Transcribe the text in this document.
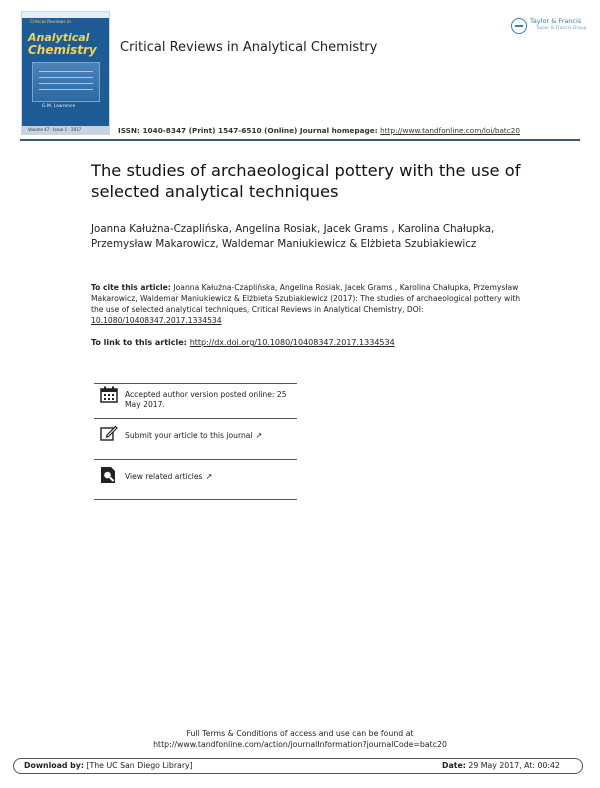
Critical Reviews in
Analytical
Chemistry
G.M. Lawrence
Volume 47 · Issue 1 · 2017
Critical Reviews in Analytical Chemistry
ISSN: 1040-8347 (Print) 1547-6510 (Online) Journal homepage: http://www.tandfonline.com/loi/batc20
Taylor & Francis
Taylor & Francis Group
The studies of archaeological pottery with the use of selected analytical techniques
Joanna Kałużna-Czaplińska, Angelina Rosiak, Jacek Grams , Karolina Chałupka, Przemysław Makarowicz, Waldemar Maniukiewicz & Elżbieta Szubiakiewicz
To cite this article: Joanna Kałużna-Czaplińska, Angelina Rosiak, Jacek Grams , Karolina Chałupka, Przemysław Makarowicz, Waldemar Maniukiewicz & Elżbieta Szubiakiewicz (2017): The studies of archaeological pottery with the use of selected analytical techniques, Critical Reviews in Analytical Chemistry, DOI: 10.1080/10408347.2017.1334534
To link to this article: http://dx.doi.org/10.1080/10408347.2017.1334534
Accepted author version posted online: 25 May 2017.
Submit your article to this journal ↗
View related articles ↗
Full Terms & Conditions of access and use can be found at
http://www.tandfonline.com/action/journalInformation?journalCode=batc20
Download by: [The UC San Diego Library]	Date: 29 May 2017, At: 00:42
